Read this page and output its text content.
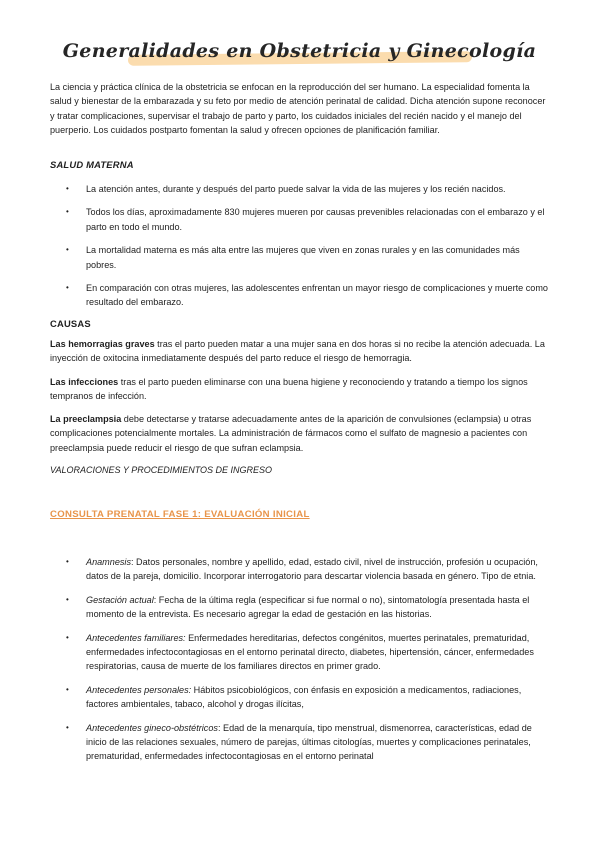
Generalidades en Obstetricia y Ginecología

La ciencia y práctica clínica de la obstetricia se enfocan en la reproducción del ser humano. La especialidad fomenta la salud y bienestar de la embarazada y su feto por medio de atención perinatal de calidad. Dicha atención supone reconocer y tratar complicaciones, supervisar el trabajo de parto y parto, los cuidados iniciales del recién nacido y el manejo del puerperio. Los cuidados postparto fomentan la salud y ofrecen opciones de planificación familiar.

SALUD MATERNA
• La atención antes, durante y después del parto puede salvar la vida de las mujeres y los recién nacidos.
• Todos los días, aproximadamente 830 mujeres mueren por causas prevenibles relacionadas con el embarazo y el parto en todo el mundo.
• La mortalidad materna es más alta entre las mujeres que viven en zonas rurales y en las comunidades más pobres.
• En comparación con otras mujeres, las adolescentes enfrentan un mayor riesgo de complicaciones y muerte como resultado del embarazo.
CAUSAS

Las hemorragias graves tras el parto pueden matar a una mujer sana en dos horas si no recibe la atención adecuada. La inyección de oxitocina inmediatamente después del parto reduce el riesgo de hemorragia.

Las infecciones tras el parto pueden eliminarse con una buena higiene y reconociendo y tratando a tiempo los signos tempranos de infección.

La preeclampsia debe detectarse y tratarse adecuadamente antes de la aparición de convulsiones (eclampsia) u otras complicaciones potencialmente mortales. La administración de fármacos como el sulfato de magnesio a pacientes con preeclampsia puede reducir el riesgo de que sufran eclampsia.

VALORACIONES Y PROCEDIMIENTOS DE INGRESO
CONSULTA PRENATAL FASE 1: EVALUACIÓN INICIAL
• Anamnesis: Datos personales, nombre y apellido, edad, estado civil, nivel de instrucción, profesión u ocupación, datos de la pareja, domicilio. Incorporar interrogatorio para descartar violencia basada en género. Tipo de etnia.
• Gestación actual: Fecha de la última regla (especificar si fue normal o no), sintomatología presentada hasta el momento de la entrevista. Es necesario agregar la edad de gestación en las historias.
• Antecedentes familiares: Enfermedades hereditarias, defectos congénitos, muertes perinatales, prematuridad, enfermedades infectocontagiosas en el entorno perinatal directo, diabetes, hipertensión, cáncer, enfermedades respiratorias, causa de muerte de los familiares directos en primer grado.
• Antecedentes personales: Hábitos psicobiológicos, con énfasis en exposición a medicamentos, radiaciones, factores ambientales, tabaco, alcohol y drogas ilícitas,
• Antecedentes gineco-obstétricos: Edad de la menarquía, tipo menstrual, dismenorrea, características, edad de inicio de las relaciones sexuales, número de parejas, últimas citologías, muertes y complicaciones perinatales, prematuridad, enfermedades infectocontagiosas en el entorno perinatal
